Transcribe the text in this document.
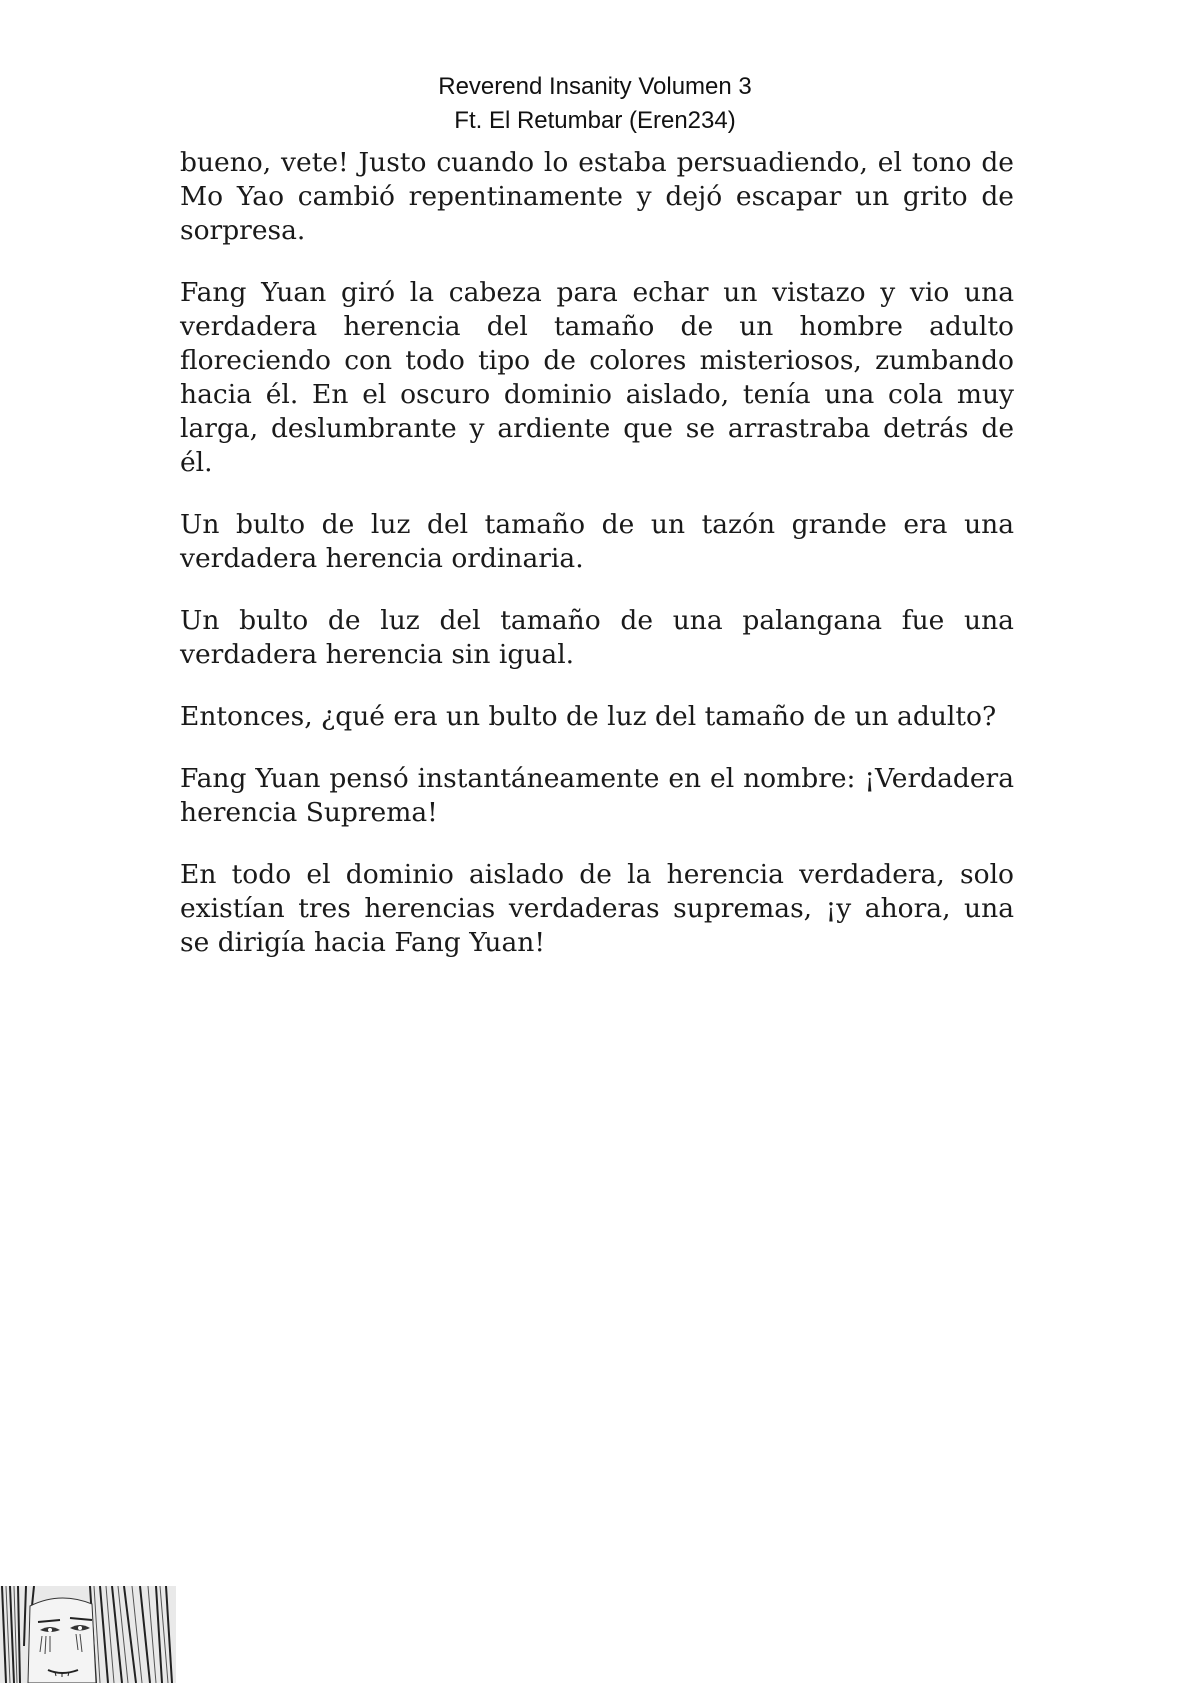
Reverend Insanity Volumen 3
Ft. El Retumbar (Eren234)

bueno, vete! Justo cuando lo estaba persuadiendo, el tono de Mo Yao cambió repentinamente y dejó escapar un grito de sorpresa.

Fang Yuan giró la cabeza para echar un vistazo y vio una verdadera herencia del tamaño de un hombre adulto floreciendo con todo tipo de colores misteriosos, zumbando hacia él. En el oscuro dominio aislado, tenía una cola muy larga, deslumbrante y ardiente que se arrastraba detrás de él.

Un bulto de luz del tamaño de un tazón grande era una verdadera herencia ordinaria.

Un bulto de luz del tamaño de una palangana fue una verdadera herencia sin igual.

Entonces, ¿qué era un bulto de luz del tamaño de un adulto?

Fang Yuan pensó instantáneamente en el nombre: ¡Verdadera herencia Suprema!

En todo el dominio aislado de la herencia verdadera, solo existían tres herencias verdaderas supremas, ¡y ahora, una se dirigía hacia Fang Yuan!
